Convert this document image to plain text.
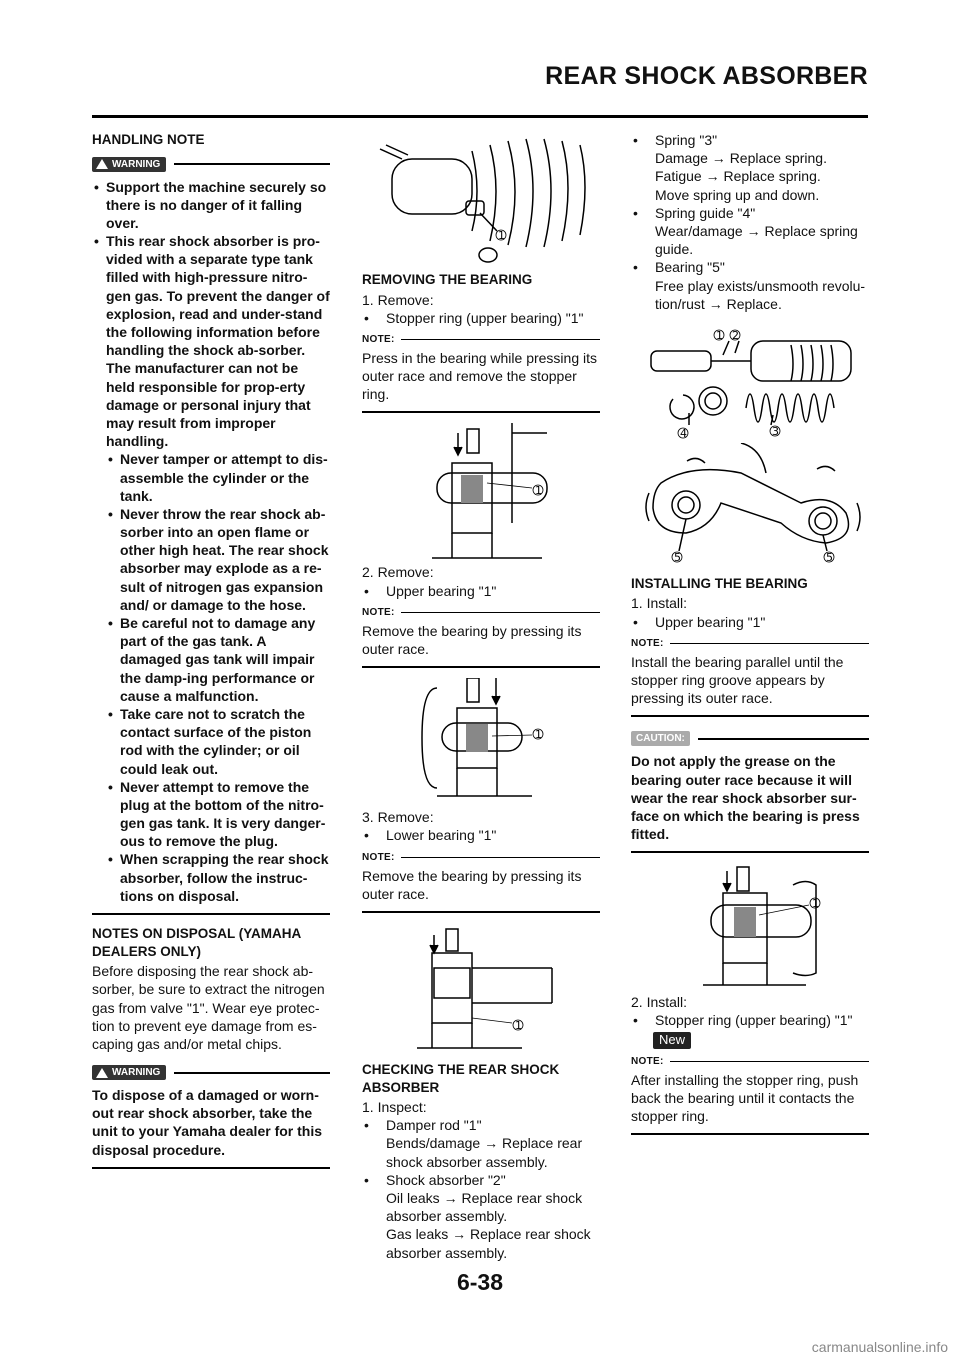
REAR SHOCK ABSORBER
HANDLING NOTE
WARNING
• Support the machine securely so there is no danger of it falling over.
• This rear shock absorber is pro-vided with a separate type tank filled with high-pressure nitro-gen gas. To prevent the danger of explosion, read and under-stand the following information before handling the shock ab-sorber. The manufacturer can not be held responsible for prop-erty damage or personal injury that may result from improper handling.
• Never tamper or attempt to dis-assemble the cylinder or the tank.
• Never throw the rear shock ab-sorber into an open flame or other high heat. The rear shock absorber may explode as a re-sult of nitrogen gas expansion and/ or damage to the hose.
• Be careful not to damage any part of the gas tank. A damaged gas tank will impair the damp-ing performance or cause a malfunction.
• Take care not to scratch the contact surface of the piston rod with the cylinder; or oil could leak out.
• Never attempt to remove the plug at the bottom of the nitro-gen gas tank. It is very danger-ous to remove the plug.
• When scrapping the rear shock absorber, follow the instruc-tions on disposal.
NOTES ON DISPOSAL (YAMAHA DEALERS ONLY)
Before disposing the rear shock ab-sorber, be sure to extract the nitrogen gas from valve "1". Wear eye protec-tion to prevent eye damage from es-caping gas and/or metal chips.
WARNING
To dispose of a damaged or worn-out rear shock absorber, take the unit to your Yamaha dealer for this disposal procedure.
1
REMOVING THE BEARING
1. Remove:
• Stopper ring (upper bearing) "1"
NOTE:
Press in the bearing while pressing its outer race and remove the stopper ring.
1
2. Remove:
• Upper bearing "1"
NOTE:
Remove the bearing by pressing its outer race.
1
3. Remove:
• Lower bearing "1"
NOTE:
Remove the bearing by pressing its outer race.
1
CHECKING THE REAR SHOCK ABSORBER
1. Inspect:
• Damper rod "1"
Bends/damage → Replace rear shock absorber assembly.
• Shock absorber "2"
Oil leaks → Replace rear shock absorber assembly.
Gas leaks → Replace rear shock absorber assembly.
• Spring "3"
Damage → Replace spring.
Fatigue → Replace spring.
Move spring up and down.
• Spring guide "4"
Wear/damage → Replace spring guide.
• Bearing "5"
Free play exists/unsmooth revolu-tion/rust → Replace.
1 2
4	3
5	5
INSTALLING THE BEARING
1. Install:
• Upper bearing "1"
NOTE:
Install the bearing parallel until the stopper ring groove appears by pressing its outer race.
CAUTION:
Do not apply the grease on the bearing outer race because it will wear the rear shock absorber sur-face on which the bearing is press fitted.
1
2. Install:
• Stopper ring (upper bearing) "1"
New
NOTE:
After installing the stopper ring, push back the bearing until it contacts the stopper ring.
6-38
carmanualsonline.info
